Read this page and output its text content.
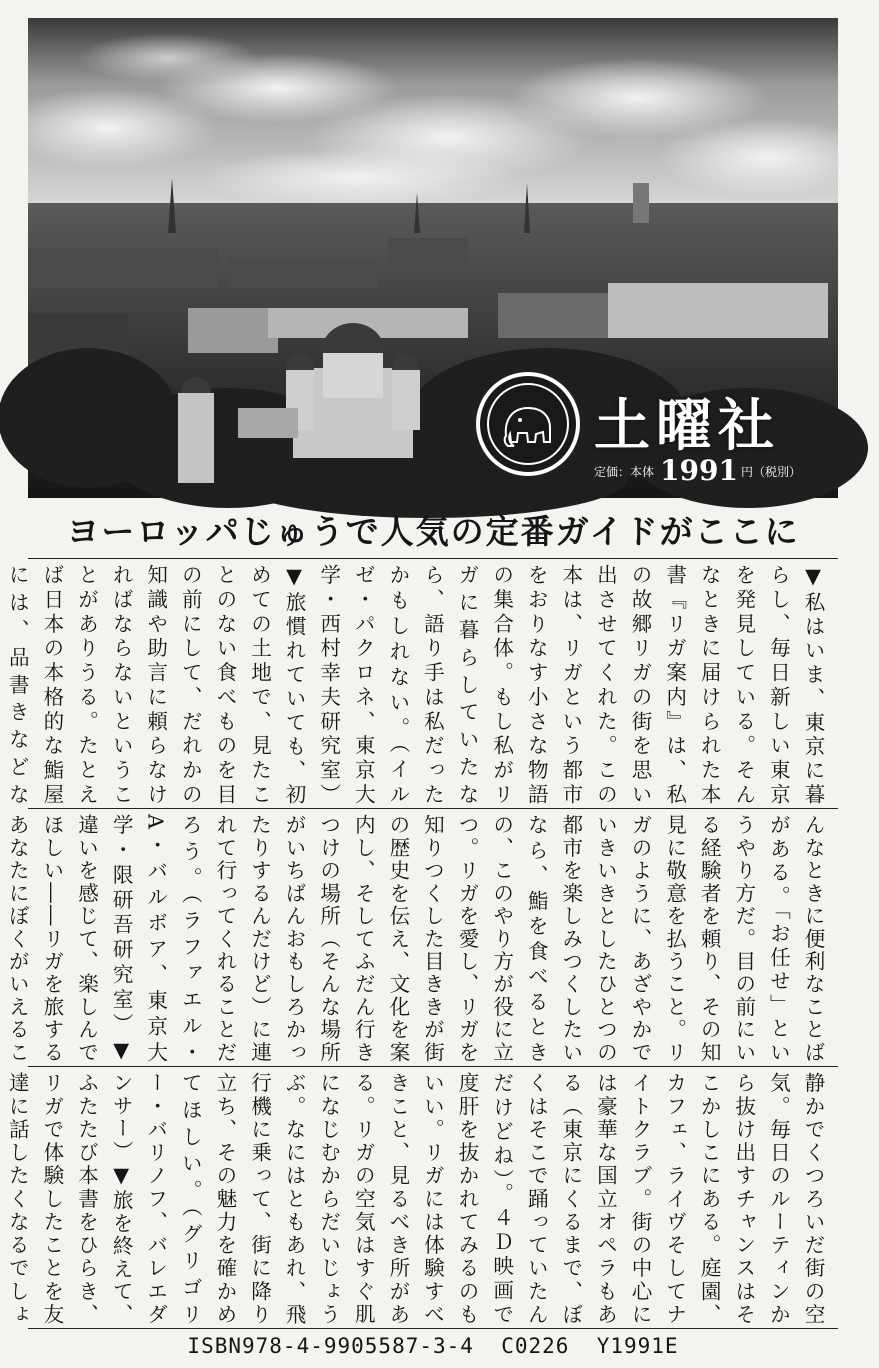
土曜社
定価：本体 1991 円（税別）
ヨーロッパじゅうで人気の定番ガイドがここに
▼私はいま、東京に暮らし、毎日新しい東京を発見している。そんなときに届けられた本書『リガ案内』は、私の故郷リガの街を思い出させてくれた。この本は、リガという都市をおりなす小さな物語の集合体。もし私がリガに暮らしていたなら、語り手は私だったかもしれない。（イルゼ・パクロネ、東京大学・西村幸夫研究室）▼旅慣れていても、初めての土地で、見たことのない食べものを目の前にして、だれかの知識や助言に頼らなければならないということがありうる。たとえば日本の本格的な鮨屋には、品書きなどな
んなときに便利なことばがある。「お任せ」というやり方だ。目の前にいる経験者を頼り、その知見に敬意を払うこと。リガのように、あざやかでいきいきとしたひとつの都市を楽しみつくしたいなら、鮨を食べるときの、このやり方が役に立つ。リガを愛し、リガを知りつくした目ききが街の歴史を伝え、文化を案内し、そしてふだん行きつけの場所（そんな場所がいちばんおもしろかったりするんだけど）に連れて行ってくれることだろう。（ラファエル・A・バルボア、東京大学・限研吾研究室）▼違いを感じて、楽しんでほしい――リガを旅するあなたにぼくがいえるこ
静かでくつろいだ街の空気。毎日のルーティンから抜け出すチャンスはそこかしこにある。庭園、カフェ、ライヴそしてナイトクラブ。街の中心には豪華な国立オペラもある（東京にくるまで、ぼくはそこで踊っていたんだけどね）。４Ｄ映画で度肝を抜かれてみるのもいい。リガには体験すべきこと、見るべき所がある。リガの空気はすぐ肌になじむからだいじょうぶ。なにはともあれ、飛行機に乗って、街に降り立ち、その魅力を確かめてほしい。（グリゴリー・バリノフ、バレエダンサー）▼旅を終えて、ふたたび本書をひらき、リガで体験したことを友達に話したくなるでしょ
ISBN978-4-9905587-3-4  C0226  Y1991E
